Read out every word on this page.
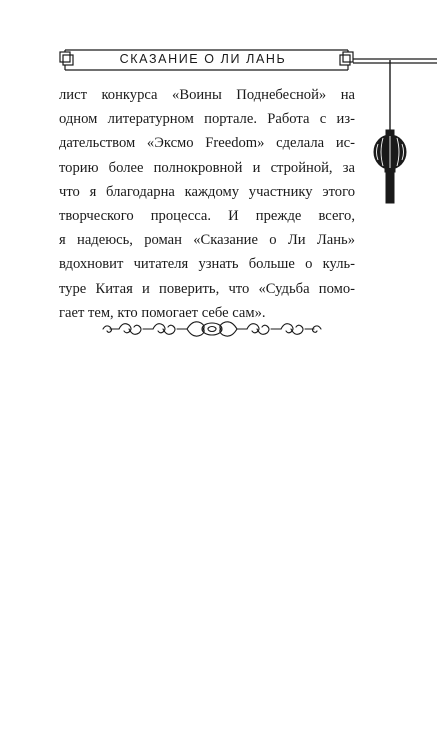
СКАЗАНИЕ О ЛИ ЛАНЬ
лист конкурса «Воины Поднебесной» на
одном литературном портале. Работа с из-
дательством «Эксмо Freedom» сделала ис-
торию более полнокровной и стройной, за
что я благодарна каждому участнику этого
творческого процесса. И прежде всего,
я надеюсь, роман «Сказание о Ли Лань»
вдохновит читателя узнать больше о куль-
туре Китая и поверить, что «Судьба помо-
гает тем, кто помогает себе сам».
